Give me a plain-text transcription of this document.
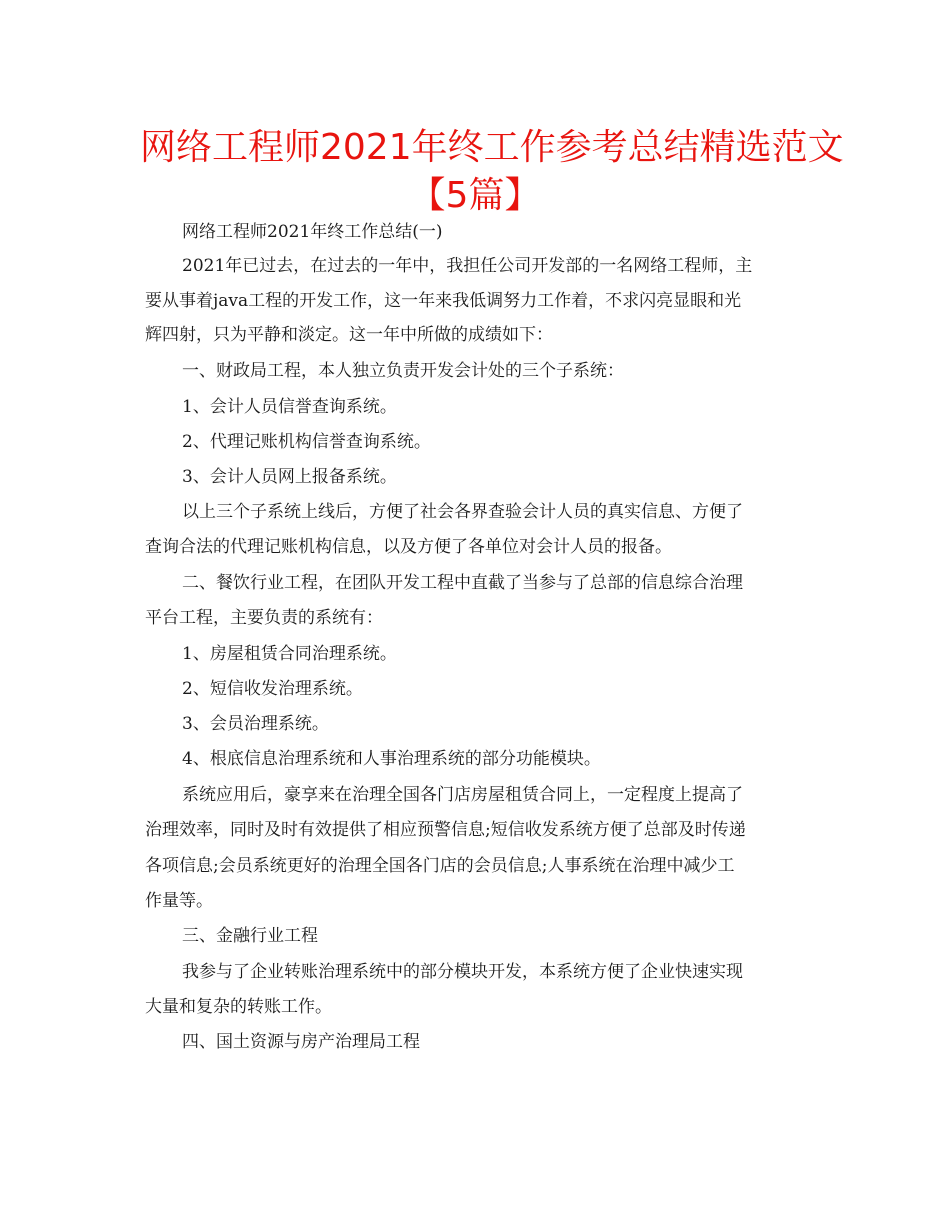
网络工程师2021年终工作参考总结精选范文
【5篇】
网络工程师2021年终工作总结(一)
2021年已过去，在过去的一年中，我担任公司开发部的一名网络工程师，主
要从事着java工程的开发工作，这一年来我低调努力工作着，不求闪亮显眼和光
辉四射，只为平静和淡定。这一年中所做的成绩如下：
一、财政局工程，本人独立负责开发会计处的三个子系统：
1、会计人员信誉查询系统。
2、代理记账机构信誉查询系统。
3、会计人员网上报备系统。
以上三个子系统上线后，方便了社会各界查验会计人员的真实信息、方便了
查询合法的代理记账机构信息，以及方便了各单位对会计人员的报备。
二、餐饮行业工程，在团队开发工程中直截了当参与了总部的信息综合治理
平台工程，主要负责的系统有：
1、房屋租赁合同治理系统。
2、短信收发治理系统。
3、会员治理系统。
4、根底信息治理系统和人事治理系统的部分功能模块。
系统应用后，豪享来在治理全国各门店房屋租赁合同上，一定程度上提高了
治理效率，同时及时有效提供了相应预警信息;短信收发系统方便了总部及时传递
各项信息;会员系统更好的治理全国各门店的会员信息;人事系统在治理中减少工
作量等。
三、金融行业工程
我参与了企业转账治理系统中的部分模块开发，本系统方便了企业快速实现
大量和复杂的转账工作。
四、国土资源与房产治理局工程
